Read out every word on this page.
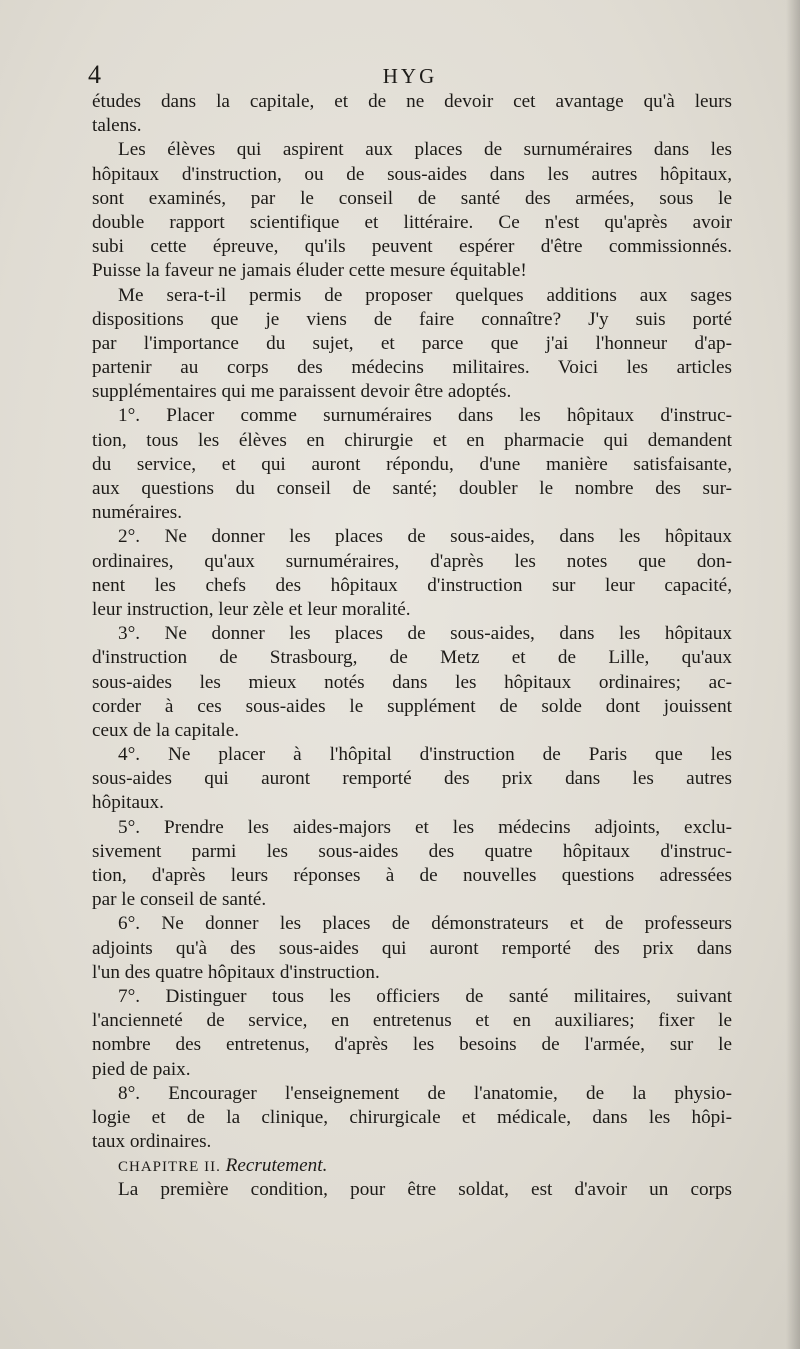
4	HYG
études dans la capitale, et de ne devoir cet avantage qu'à leurs
talens.
Les élèves qui aspirent aux places de surnuméraires dans les
hôpitaux d'instruction, ou de sous-aides dans les autres hôpitaux,
sont examinés, par le conseil de santé des armées, sous le
double rapport scientifique et littéraire. Ce n'est qu'après avoir
subi cette épreuve, qu'ils peuvent espérer d'être commissionnés.
Puisse la faveur ne jamais éluder cette mesure équitable!
Me sera-t-il permis de proposer quelques additions aux sages
dispositions que je viens de faire connaître? J'y suis porté
par l'importance du sujet, et parce que j'ai l'honneur d'ap-
partenir au corps des médecins militaires. Voici les articles
supplémentaires qui me paraissent devoir être adoptés.
1°. Placer comme surnuméraires dans les hôpitaux d'instruc-
tion, tous les élèves en chirurgie et en pharmacie qui demandent
du service, et qui auront répondu, d'une manière satisfaisante,
aux questions du conseil de santé; doubler le nombre des sur-
numéraires.
2°. Ne donner les places de sous-aides, dans les hôpitaux
ordinaires, qu'aux surnuméraires, d'après les notes que don-
nent les chefs des hôpitaux d'instruction sur leur capacité,
leur instruction, leur zèle et leur moralité.
3°. Ne donner les places de sous-aides, dans les hôpitaux
d'instruction de Strasbourg, de Metz et de Lille, qu'aux
sous-aides les mieux notés dans les hôpitaux ordinaires; ac-
corder à ces sous-aides le supplément de solde dont jouissent
ceux de la capitale.
4°. Ne placer à l'hôpital d'instruction de Paris que les
sous-aides qui auront remporté des prix dans les autres
hôpitaux.
5°. Prendre les aides-majors et les médecins adjoints, exclu-
sivement parmi les sous-aides des quatre hôpitaux d'instruc-
tion, d'après leurs réponses à de nouvelles questions adressées
par le conseil de santé.
6°. Ne donner les places de démonstrateurs et de professeurs
adjoints qu'à des sous-aides qui auront remporté des prix dans
l'un des quatre hôpitaux d'instruction.
7°. Distinguer tous les officiers de santé militaires, suivant
l'ancienneté de service, en entretenus et en auxiliares; fixer le
nombre des entretenus, d'après les besoins de l'armée, sur le
pied de paix.
8°. Encourager l'enseignement de l'anatomie, de la physio-
logie et de la clinique, chirurgicale et médicale, dans les hôpi-
taux ordinaires.
CHAPITRE II. Recrutement.
La première condition, pour être soldat, est d'avoir un corps
